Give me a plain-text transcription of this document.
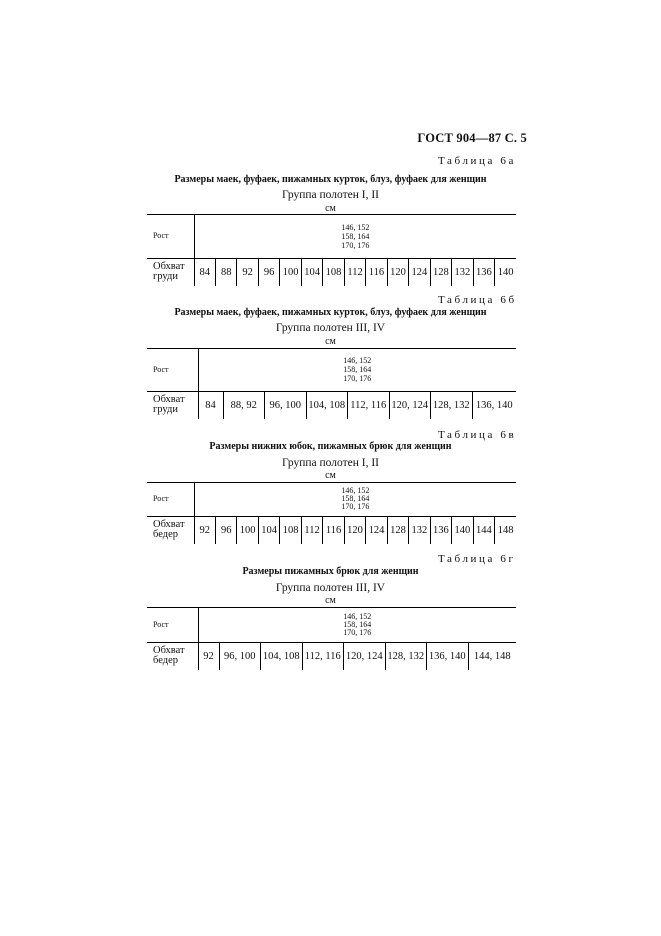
ГОСТ 904—87 С. 5
Таблица 6а
Размеры маек, фуфаек, пижамных курток, блуз, фуфаек для женщин
Группа полотен I, II
см
Рост	146, 152
158, 164
170, 176														

Обхват
груди	84	88	92	96	100	104	108	112	116	120	124	128	132	136	140
Таблица 6б
Размеры маек, фуфаек, пижамных курток, блуз, фуфаек для женщин
Группа полотен III, IV
см
Рост	146, 152
158, 164
170, 176							

Обхват
груди	84	88, 92	96, 100	104, 108	112, 116	120, 124	128, 132	136, 140
Таблица 6в
Размеры нижних юбок, пижамных брюк для женщин
Группа полотен I, II
см
Рост	146, 152
158, 164
170, 176														

Обхват
бедер	92	96	100	104	108	112	116	120	124	128	132	136	140	144	148
Таблица 6г
Размеры пижамных брюк для женщин
Группа полотен III, IV
см
Рост	146, 152
158, 164
170, 176							

Обхват
бедер	92	96, 100	104, 108	112, 116	120, 124	128, 132	136, 140	144, 148
